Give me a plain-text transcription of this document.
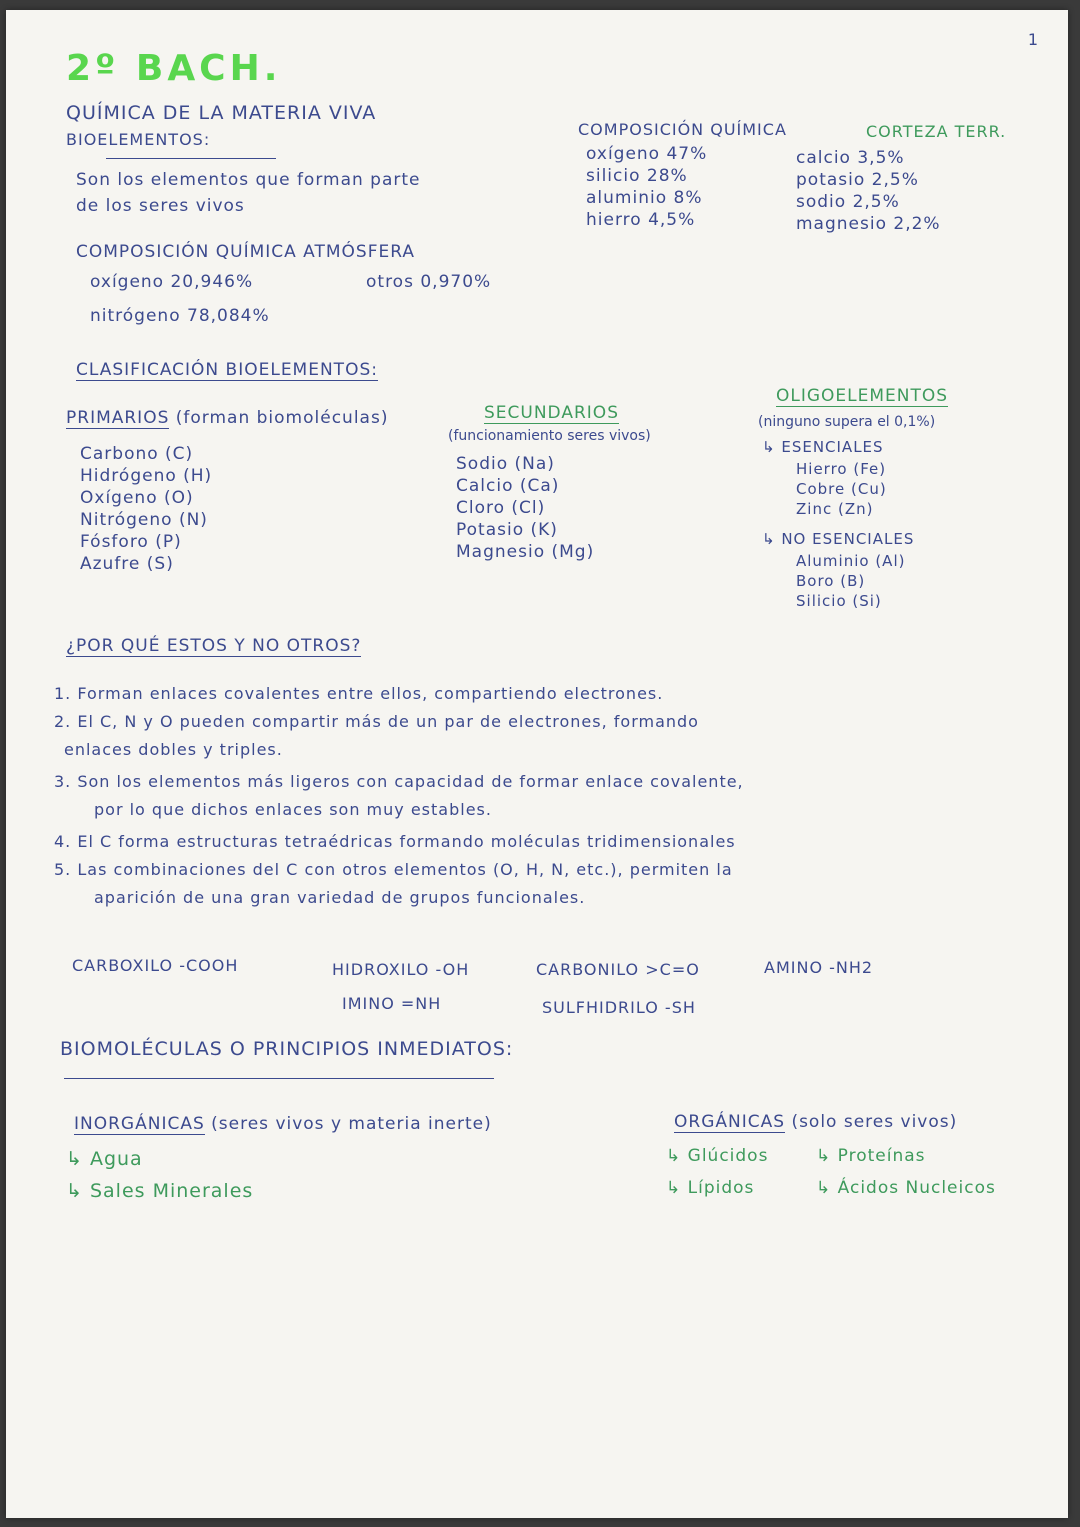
1
2º BACH.
QUÍMICA DE LA MATERIA VIVA
BIOELEMENTOS:
Son los elementos que forman parte
de los seres vivos
COMPOSICIÓN QUÍMICA ATMÓSFERA
oxígeno 20,946%	otros 0,970%
nitrógeno 78,084%
COMPOSICIÓN QUÍMICA	CORTEZA TERR.
oxígeno 47%
silicio 28%
aluminio 8%
hierro 4,5%
calcio 3,5%
potasio 2,5%
sodio 2,5%
magnesio 2,2%
CLASIFICACIÓN BIOELEMENTOS:
PRIMARIOS (forman biomoléculas)
Carbono (C)
Hidrógeno (H)
Oxígeno (O)
Nitrógeno (N)
Fósforo (P)
Azufre (S)
SECUNDARIOS
(funcionamiento seres vivos)
Sodio (Na)
Calcio (Ca)
Cloro (Cl)
Potasio (K)
Magnesio (Mg)
OLIGOELEMENTOS
(ninguno supera el 0,1%)
↳ ESENCIALES
Hierro (Fe)
Cobre (Cu)
Zinc (Zn)
↳ NO ESENCIALES
Aluminio (Al)
Boro (B)
Silicio (Si)
¿POR QUÉ ESTOS Y NO OTROS?
1. Forman enlaces covalentes entre ellos, compartiendo electrones.
2. El C, N y O pueden compartir más de un par de electrones, formando
enlaces dobles y triples.
3. Son los elementos más ligeros con capacidad de formar enlace covalente,
por lo que dichos enlaces son muy estables.
4. El C forma estructuras tetraédricas formando moléculas tridimensionales
5. Las combinaciones del C con otros elementos (O, H, N, etc.), permiten la
aparición de una gran variedad de grupos funcionales.
CARBOXILO -COOH	HIDROXILO -OH	CARBONILO >C=O	AMINO -NH2
IMINO =NH	SULFHIDRILO -SH
BIOMOLÉCULAS O PRINCIPIOS INMEDIATOS:
INORGÁNICAS (seres vivos y materia inerte)
↳ Agua
↳ Sales Minerales
ORGÁNICAS (solo seres vivos)
↳ Glúcidos
↳ Lípidos
↳ Proteínas
↳ Ácidos Nucleicos
